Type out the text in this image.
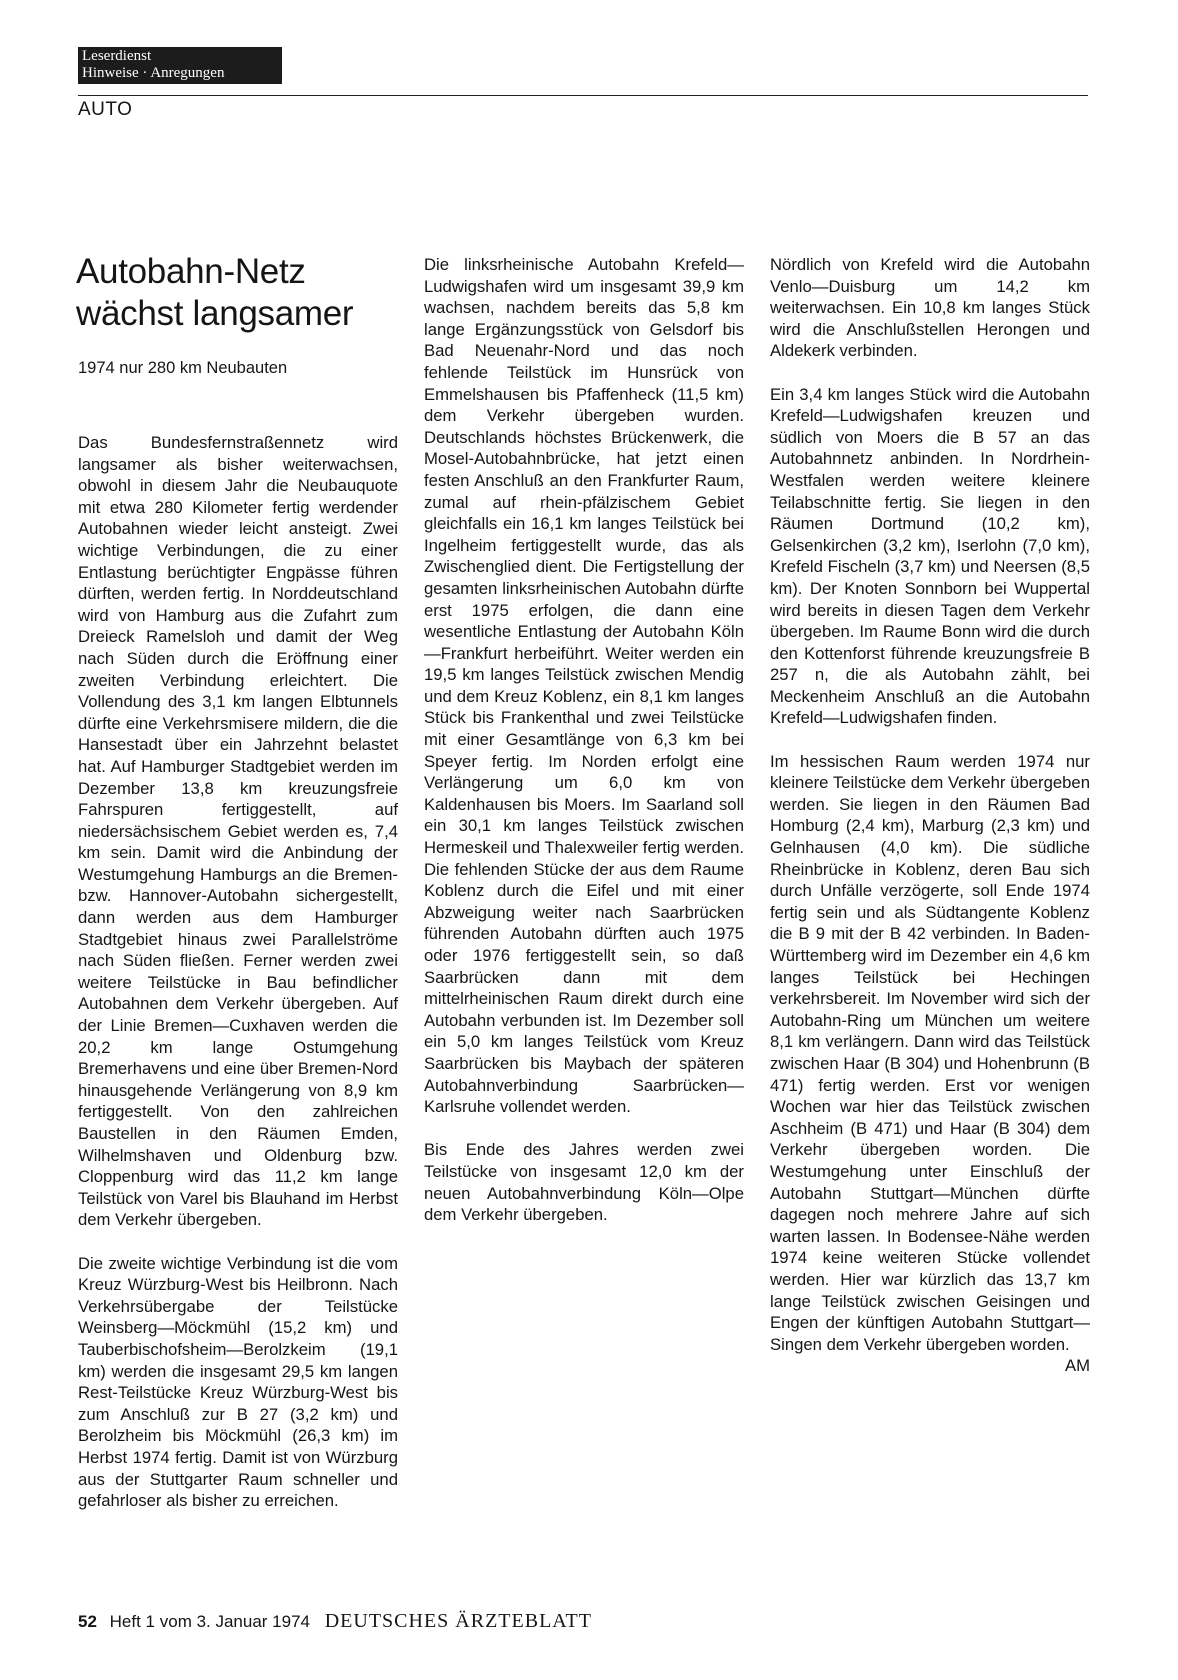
Leserdienst
Hinweise · Anregungen
AUTO
Autobahn-Netz
wächst langsamer
1974 nur 280 km Neubauten

Das Bundesfernstraßennetz wird langsamer als bisher weiterwachsen, obwohl in diesem Jahr die Neubauquote mit etwa 280 Kilometer fertig werdender Autobahnen wieder leicht ansteigt. Zwei wichtige Verbindungen, die zu einer Entlastung berüchtigter Engpässe führen dürften, werden fertig. In Norddeutschland wird von Hamburg aus die Zufahrt zum Dreieck Ramelsloh und damit der Weg nach Süden durch die Eröffnung einer zweiten Verbindung erleichtert. Die Vollendung des 3,1 km langen Elbtunnels dürfte eine Verkehrsmisere mildern, die die Hansestadt über ein Jahrzehnt belastet hat. Auf Hamburger Stadtgebiet werden im Dezember 13,8 km kreuzungsfreie Fahrspuren fertiggestellt, auf niedersächsischem Gebiet werden es, 7,4 km sein. Damit wird die Anbindung der Westumgehung Hamburgs an die Bremen- bzw. Hannover-Autobahn sichergestellt, dann werden aus dem Hamburger Stadtgebiet hinaus zwei Parallelströme nach Süden fließen. Ferner werden zwei weitere Teilstücke in Bau befindlicher Autobahnen dem Verkehr übergeben. Auf der Linie Bremen—Cuxhaven werden die 20,2 km lange Ostumgehung Bremerhavens und eine über Bremen-Nord hinausgehende Verlängerung von 8,9 km fertiggestellt. Von den zahlreichen Baustellen in den Räumen Emden, Wilhelmshaven und Oldenburg bzw. Cloppenburg wird das 11,2 km lange Teilstück von Varel bis Blauhand im Herbst dem Verkehr übergeben.

Die zweite wichtige Verbindung ist die vom Kreuz Würzburg-West bis Heilbronn. Nach Verkehrsübergabe der Teilstücke Weinsberg—Möckmühl (15,2 km) und Tauberbischofsheim—Berolzkeim (19,1 km) werden die insgesamt 29,5 km langen Rest-Teilstücke Kreuz Würzburg-West bis zum Anschluß zur B 27 (3,2 km) und Berolzheim bis Möckmühl (26,3 km) im Herbst 1974 fertig. Damit ist von Würzburg aus der Stuttgarter Raum schneller und gefahrloser als bisher zu erreichen.

Die linksrheinische Autobahn Krefeld—Ludwigshafen wird um insgesamt 39,9 km wachsen, nachdem bereits das 5,8 km lange Ergänzungsstück von Gelsdorf bis Bad Neuenahr-Nord und das noch fehlende Teilstück im Hunsrück von Emmelshausen bis Pfaffenheck (11,5 km) dem Verkehr übergeben wurden. Deutschlands höchstes Brückenwerk, die Mosel-Autobahnbrücke, hat jetzt einen festen Anschluß an den Frankfurter Raum, zumal auf rhein-pfälzischem Gebiet gleichfalls ein 16,1 km langes Teilstück bei Ingelheim fertiggestellt wurde, das als Zwischenglied dient. Die Fertigstellung der gesamten linksrheinischen Autobahn dürfte erst 1975 erfolgen, die dann eine wesentliche Entlastung der Autobahn Köln—Frankfurt herbeiführt. Weiter werden ein 19,5 km langes Teilstück zwischen Mendig und dem Kreuz Koblenz, ein 8,1 km langes Stück bis Frankenthal und zwei Teilstücke mit einer Gesamtlänge von 6,3 km bei Speyer fertig. Im Norden erfolgt eine Verlängerung um 6,0 km von Kaldenhausen bis Moers. Im Saarland soll ein 30,1 km langes Teilstück zwischen Hermeskeil und Thalexweiler fertig werden. Die fehlenden Stücke der aus dem Raume Koblenz durch die Eifel und mit einer Abzweigung weiter nach Saarbrücken führenden Autobahn dürften auch 1975 oder 1976 fertiggestellt sein, so daß Saarbrücken dann mit dem mittelrheinischen Raum direkt durch eine Autobahn verbunden ist. Im Dezember soll ein 5,0 km langes Teilstück vom Kreuz Saarbrücken bis Maybach der späteren Autobahnverbindung Saarbrücken—Karlsruhe vollendet werden.

Bis Ende des Jahres werden zwei Teilstücke von insgesamt 12,0 km der neuen Autobahnverbindung Köln—Olpe dem Verkehr übergeben.

Nördlich von Krefeld wird die Autobahn Venlo—Duisburg um 14,2 km weiterwachsen. Ein 10,8 km langes Stück wird die Anschlußstellen Herongen und Aldekerk verbinden.

Ein 3,4 km langes Stück wird die Autobahn Krefeld—Ludwigshafen kreuzen und südlich von Moers die B 57 an das Autobahnnetz anbinden. In Nordrhein-Westfalen werden weitere kleinere Teilabschnitte fertig. Sie liegen in den Räumen Dortmund (10,2 km), Gelsenkirchen (3,2 km), Iserlohn (7,0 km), Krefeld Fischeln (3,7 km) und Neersen (8,5 km). Der Knoten Sonnborn bei Wuppertal wird bereits in diesen Tagen dem Verkehr übergeben. Im Raume Bonn wird die durch den Kottenforst führende kreuzungsfreie B 257 n, die als Autobahn zählt, bei Meckenheim Anschluß an die Autobahn Krefeld—Ludwigshafen finden.

Im hessischen Raum werden 1974 nur kleinere Teilstücke dem Verkehr übergeben werden. Sie liegen in den Räumen Bad Homburg (2,4 km), Marburg (2,3 km) und Gelnhausen (4,0 km). Die südliche Rheinbrücke in Koblenz, deren Bau sich durch Unfälle verzögerte, soll Ende 1974 fertig sein und als Südtangente Koblenz die B 9 mit der B 42 verbinden. In Baden-Württemberg wird im Dezember ein 4,6 km langes Teilstück bei Hechingen verkehrsbereit. Im November wird sich der Autobahn-Ring um München um weitere 8,1 km verlängern. Dann wird das Teilstück zwischen Haar (B 304) und Hohenbrunn (B 471) fertig werden. Erst vor wenigen Wochen war hier das Teilstück zwischen Aschheim (B 471) und Haar (B 304) dem Verkehr übergeben worden. Die Westumgehung unter Einschluß der Autobahn Stuttgart—München dürfte dagegen noch mehrere Jahre auf sich warten lassen. In Bodensee-Nähe werden 1974 keine weiteren Stücke vollendet werden. Hier war kürzlich das 13,7 km lange Teilstück zwischen Geisingen und Engen der künftigen Autobahn Stuttgart—Singen dem Verkehr übergeben worden.
AM

52 Heft 1 vom 3. Januar 1974 DEUTSCHES ÄRZTEBLATT
